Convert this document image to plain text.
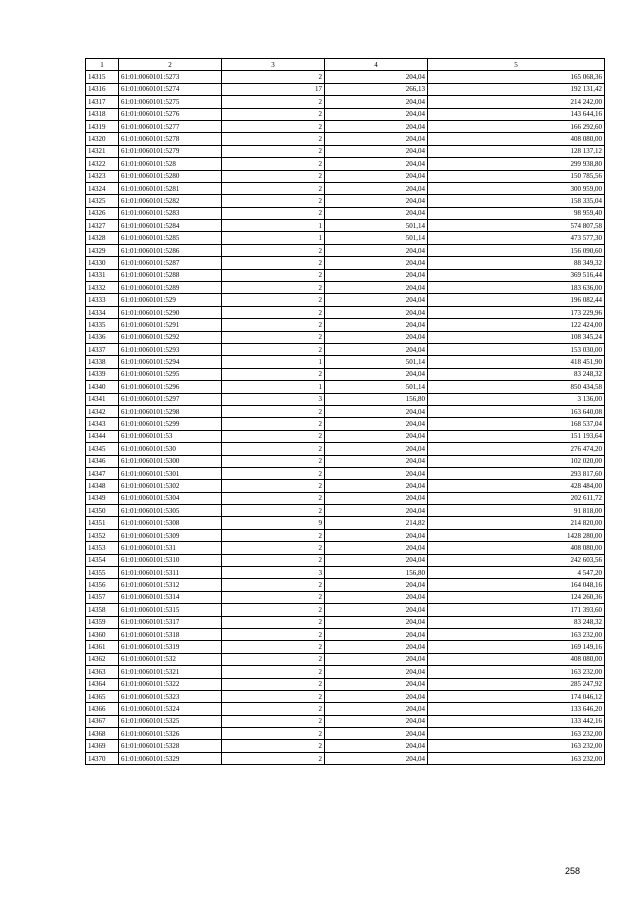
1	2	3	4	5
14315	61:01:0060101:5273	2	204,04	165 068,36
14316	61:01:0060101:5274	17	266,13	192 131,42
14317	61:01:0060101:5275	2	204,04	214 242,00
14318	61:01:0060101:5276	2	204,04	143 644,16
14319	61:01:0060101:5277	2	204,04	166 292,60
14320	61:01:0060101:5278	2	204,04	408 080,00
14321	61:01:0060101:5279	2	204,04	128 137,12
14322	61:01:0060101:528	2	204,04	299 938,80
14323	61:01:0060101:5280	2	204,04	150 785,56
14324	61:01:0060101:5281	2	204,04	300 959,00
14325	61:01:0060101:5282	2	204,04	158 335,04
14326	61:01:0060101:5283	2	204,04	98 959,40
14327	61:01:0060101:5284	1	501,14	574 807,58
14328	61:01:0060101:5285	1	501,14	473 577,30
14329	61:01:0060101:5286	2	204,04	156 090,60
14330	61:01:0060101:5287	2	204,04	88 349,32
14331	61:01:0060101:5288	2	204,04	369 516,44
14332	61:01:0060101:5289	2	204,04	183 636,00
14333	61:01:0060101:529	2	204,04	196 082,44
14334	61:01:0060101:5290	2	204,04	173 229,96
14335	61:01:0060101:5291	2	204,04	122 424,00
14336	61:01:0060101:5292	2	204,04	108 345,24
14337	61:01:0060101:5293	2	204,04	153 030,00
14338	61:01:0060101:5294	1	501,14	418 451,90
14339	61:01:0060101:5295	2	204,04	83 248,32
14340	61:01:0060101:5296	1	501,14	850 434,58
14341	61:01:0060101:5297	3	156,80	3 136,00
14342	61:01:0060101:5298	2	204,04	163 640,08
14343	61:01:0060101:5299	2	204,04	168 537,04
14344	61:01:0060101:53	2	204,04	151 193,64
14345	61:01:0060101:530	2	204,04	276 474,20
14346	61:01:0060101:5300	2	204,04	102 020,00
14347	61:01:0060101:5301	2	204,04	293 817,60
14348	61:01:0060101:5302	2	204,04	428 484,00
14349	61:01:0060101:5304	2	204,04	202 611,72
14350	61:01:0060101:5305	2	204,04	91 818,00
14351	61:01:0060101:5308	9	214,82	214 820,00
14352	61:01:0060101:5309	2	204,04	1428 280,00
14353	61:01:0060101:531	2	204,04	408 080,00
14354	61:01:0060101:5310	2	204,04	242 603,56
14355	61:01:0060101:5311	3	156,80	4 547,20
14356	61:01:0060101:5312	2	204,04	164 048,16
14357	61:01:0060101:5314	2	204,04	124 260,36
14358	61:01:0060101:5315	2	204,04	171 393,60
14359	61:01:0060101:5317	2	204,04	83 248,32
14360	61:01:0060101:5318	2	204,04	163 232,00
14361	61:01:0060101:5319	2	204,04	169 149,16
14362	61:01:0060101:532	2	204,04	408 080,00
14363	61:01:0060101:5321	2	204,04	163 232,00
14364	61:01:0060101:5322	2	204,04	285 247,92
14365	61:01:0060101:5323	2	204,04	174 046,12
14366	61:01:0060101:5324	2	204,04	133 646,20
14367	61:01:0060101:5325	2	204,04	133 442,16
14368	61:01:0060101:5326	2	204,04	163 232,00
14369	61:01:0060101:5328	2	204,04	163 232,00
14370	61:01:0060101:5329	2	204,04	163 232,00
258
